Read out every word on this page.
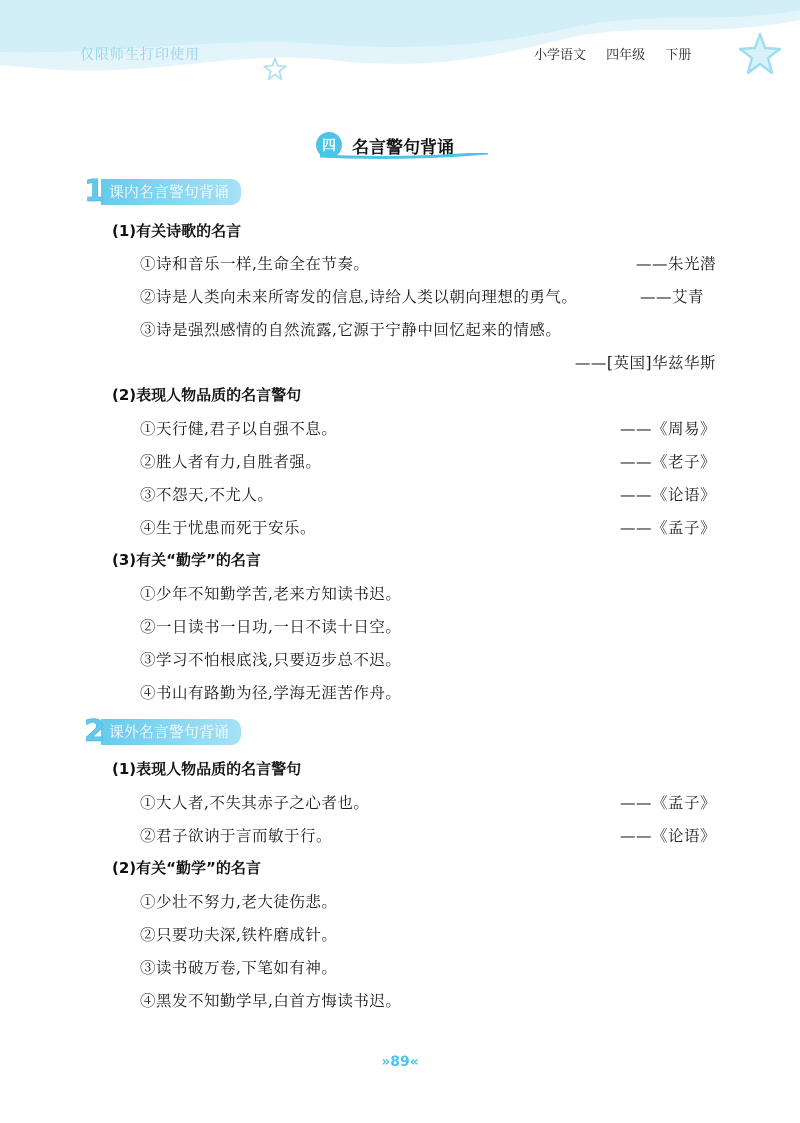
仅限师生打印使用	小学语文 四年级 下册
四 名言警句背诵
1 课内名言警句背诵
(1)有关诗歌的名言
①诗和音乐一样,生命全在节奏。	——朱光潜
②诗是人类向未来所寄发的信息,诗给人类以朝向理想的勇气。	——艾青
③诗是强烈感情的自然流露,它源于宁静中回忆起来的情感。
——[英国]华兹华斯
(2)表现人物品质的名言警句
①天行健,君子以自强不息。	——《周易》
②胜人者有力,自胜者强。	——《老子》
③不怨天,不尤人。	——《论语》
④生于忧患而死于安乐。	——《孟子》
(3)有关“勤学”的名言
①少年不知勤学苦,老来方知读书迟。
②一日读书一日功,一日不读十日空。
③学习不怕根底浅,只要迈步总不迟。
④书山有路勤为径,学海无涯苦作舟。
2 课外名言警句背诵
(1)表现人物品质的名言警句
①大人者,不失其赤子之心者也。	——《孟子》
②君子欲讷于言而敏于行。	——《论语》
(2)有关“勤学”的名言
①少壮不努力,老大徒伤悲。
②只要功夫深,铁杵磨成针。
③读书破万卷,下笔如有神。
④黑发不知勤学早,白首方悔读书迟。
»89«
